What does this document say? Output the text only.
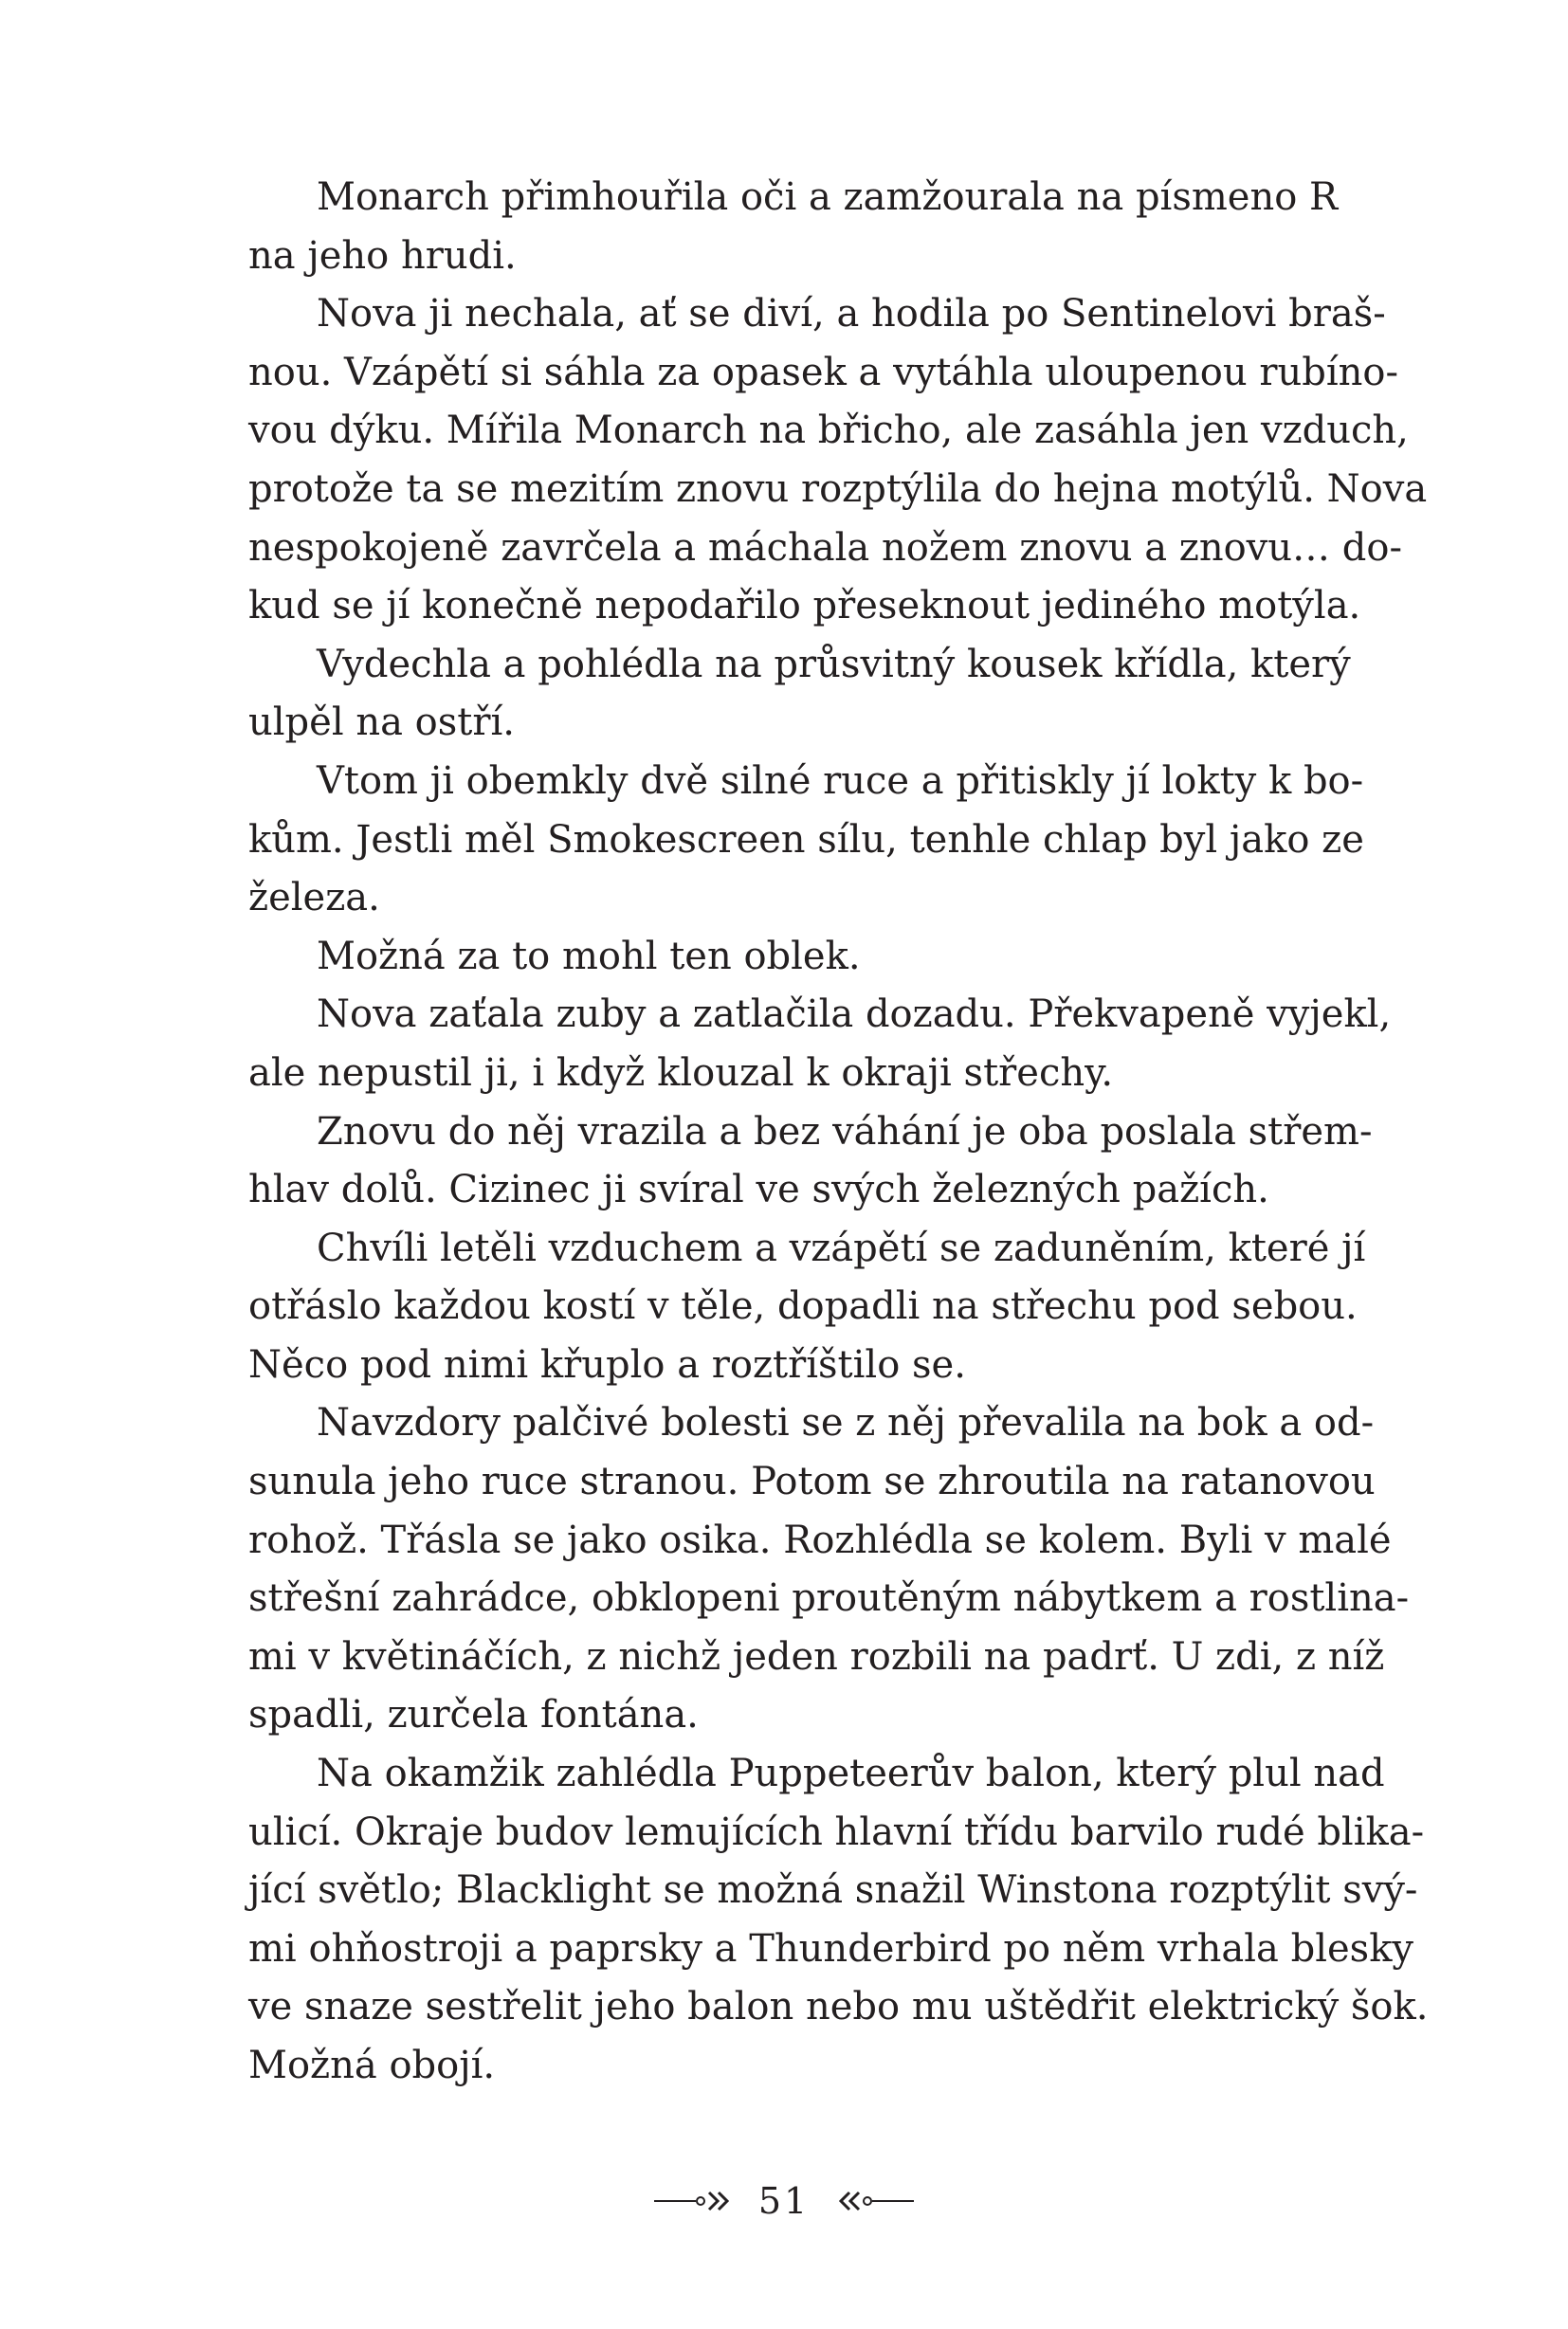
Monarch přimhouřila oči a zamžourala na písmeno R
na jeho hrudi.
Nova ji nechala, ať se diví, a hodila po Sentinelovi braš-
nou. Vzápětí si sáhla za opasek a vytáhla uloupenou rubíno-
vou dýku. Mířila Monarch na břicho, ale zasáhla jen vzduch,
protože ta se mezitím znovu rozptýlila do hejna motýlů. Nova
nespokojeně zavrčela a máchala nožem znovu a znovu… do-
kud se jí konečně nepodařilo přeseknout jediného motýla.
Vydechla a pohlédla na průsvitný kousek křídla, který
ulpěl na ostří.
Vtom ji obemkly dvě silné ruce a přitiskly jí lokty k bo-
kům. Jestli měl Smokescreen sílu, tenhle chlap byl jako ze
železa.
Možná za to mohl ten oblek.
Nova zaťala zuby a zatlačila dozadu. Překvapeně vyjekl,
ale nepustil ji, i když klouzal k okraji střechy.
Znovu do něj vrazila a bez váhání je oba poslala střem-
hlav dolů. Cizinec ji svíral ve svých železných pažích.
Chvíli letěli vzduchem a vzápětí se zaduněním, které jí
otřáslo každou kostí v těle, dopadli na střechu pod sebou.
Něco pod nimi křuplo a roztříštilo se.
Navzdory palčivé bolesti se z něj převalila na bok a od-
sunula jeho ruce stranou. Potom se zhroutila na ratanovou
rohož. Třásla se jako osika. Rozhlédla se kolem. Byli v malé
střešní zahrádce, obklopeni proutěným nábytkem a rostlina-
mi v květináčích, z nichž jeden rozbili na padrť. U zdi, z níž
spadli, zurčela fontána.
Na okamžik zahlédla Puppeteerův balon, který plul nad
ulicí. Okraje budov lemujících hlavní třídu barvilo rudé blika-
jící světlo; Blacklight se možná snažil Winstona rozptýlit svý-
mi ohňostroji a paprsky a Thunderbird po něm vrhala blesky
ve snaze sestřelit jeho balon nebo mu uštědřit elektrický šok.
Možná obojí.
51
